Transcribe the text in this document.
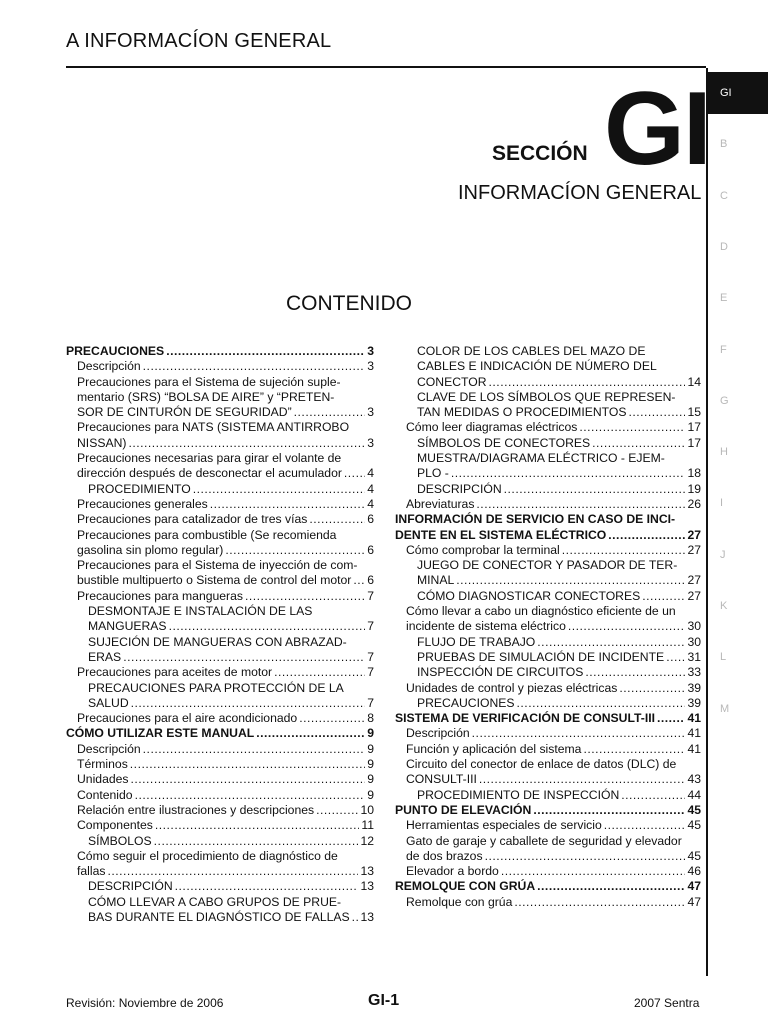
A INFORMACÍON GENERAL
GI
B
C
D
E
F
G
H
I
J
K
L
M
SECCIÓN GI
INFORMACÍON GENERAL
CONTENIDO
PRECAUCIONES .....	3
Descripción .....	3
Precauciones para el Sistema de sujeción suple-
mentario (SRS) “BOLSA DE AIRE” y “PRETEN-
SOR DE CINTURÓN DE SEGURIDAD” .....	3
Precauciones para NATS (SISTEMA ANTIRROBO
NISSAN) .....	3
Precauciones necesarias para girar el volante de
dirección después de desconectar el acumulador ..... 4
PROCEDIMIENTO .....	4
Precauciones generales .....	4
Precauciones para catalizador de tres vías .....	6
Precauciones para combustible (Se recomienda
gasolina sin plomo regular) .....	6
Precauciones para el Sistema de inyección de com-
bustible multipuerto o Sistema de control del motor ..... 6
Precauciones para mangueras .....	7
DESMONTAJE E INSTALACIÓN DE LAS
MANGUERAS .....	7
SUJECIÓN DE MANGUERAS CON ABRAZAD-
ERAS .....	7
Precauciones para aceites de motor .....	7
PRECAUCIONES PARA PROTECCIÓN DE LA
SALUD .....	7
Precauciones para el aire acondicionado .....	8
CÓMO UTILIZAR ESTE MANUAL .....	9
Descripción .....	9
Términos .....	9
Unidades .....	9
Contenido .....	9
Relación entre ilustraciones y descripciones .....	10
Componentes .....	11
SÍMBOLOS .....	12
Cómo seguir el procedimiento de diagnóstico de
fallas .....	13
DESCRIPCIÓN .....	13
CÓMO LLEVAR A CABO GRUPOS DE PRUE-
BAS DURANTE EL DIAGNÓSTICO DE FALLAS ..... 13
COLOR DE LOS CABLES DEL MAZO DE
CABLES E INDICACIÓN DE NÚMERO DEL
CONECTOR .....	14
CLAVE DE LOS SÍMBOLOS QUE REPRESEN-
TAN MEDIDAS O PROCEDIMIENTOS .....	15
Cómo leer diagramas eléctricos .....	17
SÍMBOLOS DE CONECTORES .....	17
MUESTRA/DIAGRAMA ELÉCTRICO - EJEM-
PLO - .....	18
DESCRIPCIÓN .....	19
Abreviaturas .....	26
INFORMACIÓN DE SERVICIO EN CASO DE INCI-
DENTE EN EL SISTEMA ELÉCTRICO .....	27
Cómo comprobar la terminal .....	27
JUEGO DE CONECTOR Y PASADOR DE TER-
MINAL .....	27
CÓMO DIAGNOSTICAR CONECTORES .....	27
Cómo llevar a cabo un diagnóstico eficiente de un
incidente de sistema eléctrico .....	30
FLUJO DE TRABAJO .....	30
PRUEBAS DE SIMULACIÓN DE INCIDENTE ..... 31
INSPECCIÓN DE CIRCUITOS .....	33
Unidades de control y piezas eléctricas .....	39
PRECAUCIONES .....	39
SISTEMA DE VERIFICACIÓN DE CONSULT-III .....	41
Descripción .....	41
Función y aplicación del sistema .....	41
Circuito del conector de enlace de datos (DLC) de
CONSULT-III .....	43
PROCEDIMIENTO DE INSPECCIÓN .....	44
PUNTO DE ELEVACIÓN .....	45
Herramientas especiales de servicio .....	45
Gato de garaje y caballete de seguridad y elevador
de dos brazos .....	45
Elevador a bordo .....	46
REMOLQUE CON GRÚA .....	47
Remolque con grúa .....	47
Revisión: Noviembre de 2006	GI-1	2007 Sentra
